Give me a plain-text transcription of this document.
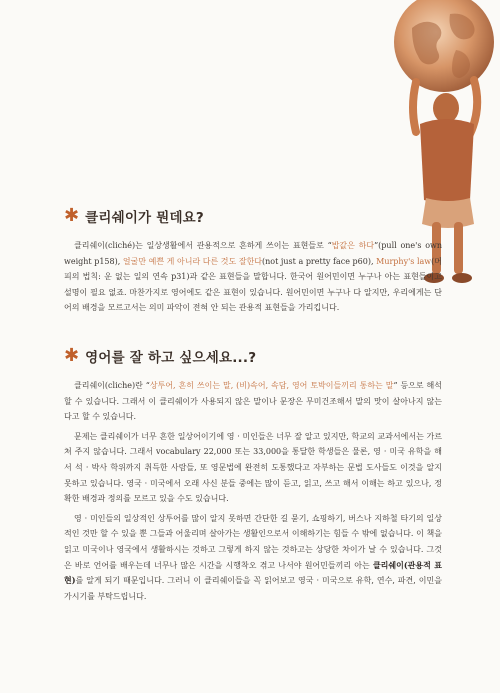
✱ 클리쉐이가 뭔데요?

클리쉐이(cliché)는 일상생활에서 관용적으로 흔하게 쓰이는 표현들로 “밥값은 하다”(pull one's own weight p158), 얼굴만 예쁜 게 아니라 다른 것도 잘한다(not just a pretty face p60), Murphy's law(머피의 법칙: 운 없는 일의 연속 p31)과 같은 표현들을 말합니다. 한국어 원어민이면 누구나 아는 표현들이고 설명이 필요 없죠. 마찬가지로 영어에도 같은 표현이 있습니다. 원어민이면 누구나 다 알지만, 우리에게는 단어의 배경을 모르고서는 의미 파악이 전혀 안 되는 관용적 표현들을 가리킵니다.

✱ 영어를 잘 하고 싶으세요...?

클리쉐이(cliche)란 “상투어, 흔히 쓰이는 말, (비)속어, 속담, 영어 토박이들끼리 통하는 말” 등으로 해석 할 수 있습니다. 그래서 이 클리쉐이가 사용되지 않은 말이나 문장은 무미건조해서 말의 맛이 살아나지 않는다고 할 수 있습니다.

문제는 클리쉐이가 너무 흔한 일상어이기에 영 · 미인들은 너무 잘 알고 있지만, 학교의 교과서에서는 가르쳐 주지 않습니다. 그래서 vocabulary 22,000 또는 33,000을 통달한 학생들은 물론, 영 · 미국 유학을 해서 석 · 박사 학위까지 취득한 사람들, 또 영문법에 완전히 도통했다고 자부하는 문법 도사들도 이것을 알지 못하고 있습니다. 영국 · 미국에서 오래 사신 분들 중에는 많이 듣고, 읽고, 쓰고 해서 이해는 하고 있으나, 정확한 배경과 정의를 모르고 있을 수도 있습니다.

영 · 미인들의 일상적인 상투어를 많이 알지 못하면 간단한 길 묻기, 쇼핑하기, 버스나 지하철 타기의 일상적인 것만 할 수 있을 뿐 그들과 어울리며 살아가는 생활인으로서 이해하기는 힘들 수 밖에 없습니다. 이 책을 읽고 미국이나 영국에서 생활하시는 것하고 그렇게 하지 않는 것하고는 상당한 차이가 날 수 있습니다. 그것은 바로 언어를 배우는데 너무나 많은 시간을 시행착오 겪고 나서야 원어민들끼리 아는 클리쉐이(관용적 표현)를 알게 되기 때문입니다. 그러니 이 클리쉐이들을 꼭 읽어보고 영국 · 미국으로 유학, 연수, 파견, 이민을 가시기를 부탁드립니다.
